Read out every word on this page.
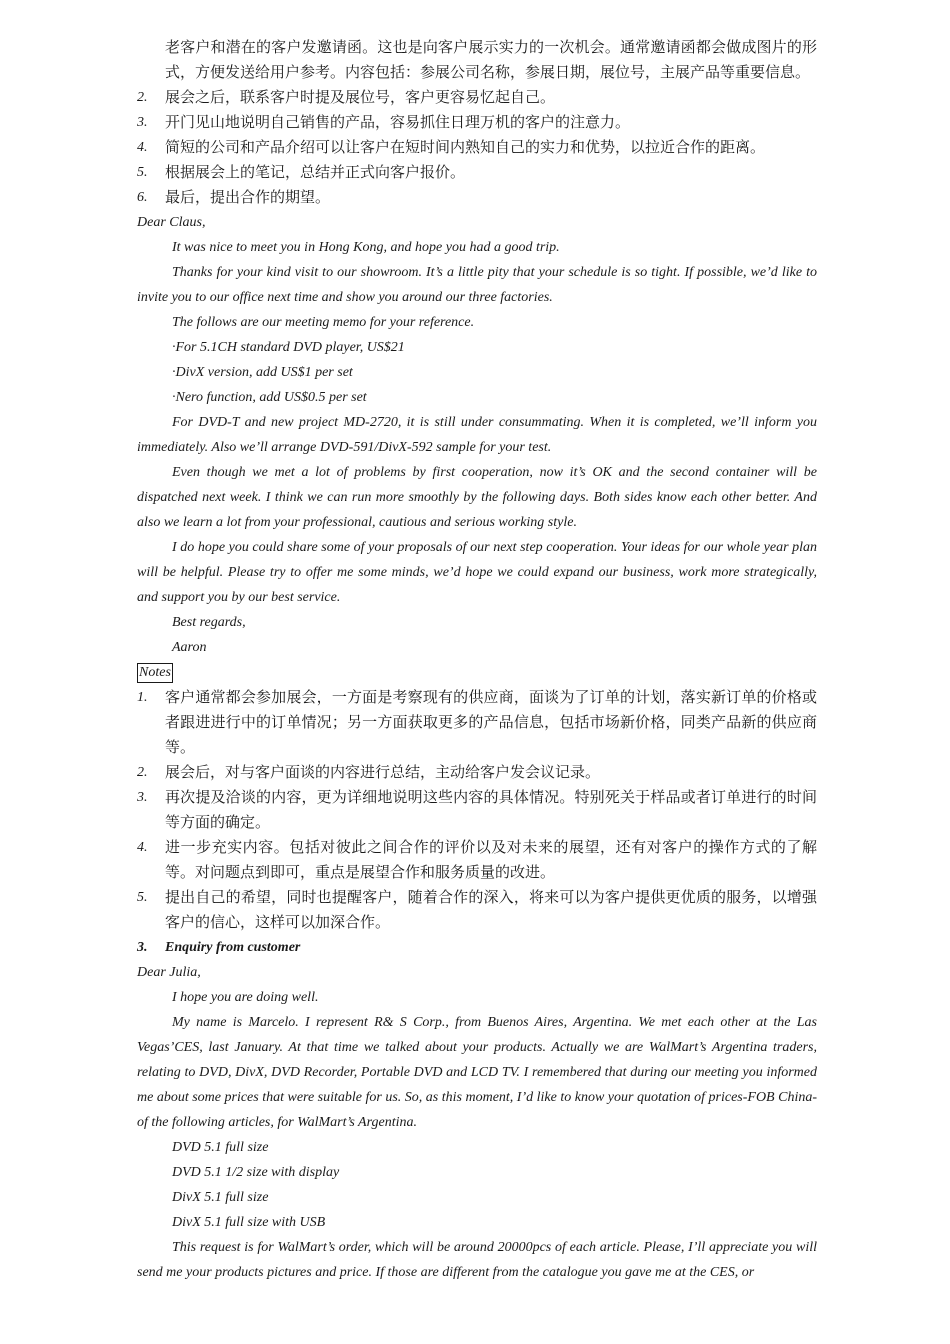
老客户和潜在的客户发邀请函。这也是向客户展示实力的一次机会。通常邀请函都会做成图片的形式，方便发送给用户参考。内容包括：参展公司名称，参展日期，展位号，主展产品等重要信息。

2.	展会之后，联系客户时提及展位号，客户更容易忆起自己。

3.	开门见山地说明自己销售的产品，容易抓住日理万机的客户的注意力。

4.	简短的公司和产品介绍可以让客户在短时间内熟知自己的实力和优势，以拉近合作的距离。

5.	根据展会上的笔记，总结并正式向客户报价。

6.	最后，提出合作的期望。

Dear Claus,

It was nice to meet you in Hong Kong, and hope you had a good trip.

Thanks for your kind visit to our showroom. It’s a little pity that your schedule is so tight. If possible, we’d like to invite you to our office next time and show you around our three factories.

The follows are our meeting memo for your reference.

·For 5.1CH standard DVD player, US$21

·DivX version, add US$1 per set

·Nero function, add US$0.5 per set

For DVD-T and new project MD-2720, it is still under consummating. When it is completed, we’ll inform you immediately. Also we’ll arrange DVD-591/DivX-592 sample for your test.

Even though we met a lot of problems by first cooperation, now it’s OK and the second container will be dispatched next week. I think we can run more smoothly by the following days. Both sides know each other better. And also we learn a lot from your professional, cautious and serious working style.

I do hope you could share some of your proposals of our next step cooperation. Your ideas for our whole year plan will be helpful. Please try to offer me some minds, we’d hope we could expand our business, work more strategically, and support you by our best service.

Best regards,

Aaron

Notes

1.	客户通常都会参加展会，一方面是考察现有的供应商，面谈为了订单的计划，落实新订单的价格或者跟进进行中的订单情况；另一方面获取更多的产品信息，包括市场新价格，同类产品新的供应商等。

2.	展会后，对与客户面谈的内容进行总结，主动给客户发会议记录。

3.	再次提及洽谈的内容，更为详细地说明这些内容的具体情况。特别死关于样品或者订单进行的时间等方面的确定。

4.	进一步充实内容。包括对彼此之间合作的评价以及对未来的展望，还有对客户的操作方式的了解等。对问题点到即可，重点是展望合作和服务质量的改进。

5.	提出自己的希望，同时也提醒客户，随着合作的深入，将来可以为客户提供更优质的服务，以增强客户的信心，这样可以加深合作。

3.	Enquiry from customer

Dear Julia,

I hope you are doing well.

My name is Marcelo. I represent R& S Corp., from Buenos Aires, Argentina. We met each other at the Las Vegas’CES, last January. At that time we talked about your products. Actually we are WalMart’s Argentina traders, relating to DVD, DivX, DVD Recorder, Portable DVD and LCD TV. I remembered that during our meeting you informed me about some prices that were suitable for us. So, as this moment, I’d like to know your quotation of prices-FOB China-of the following articles, for WalMart’s Argentina.

DVD 5.1 full size

DVD 5.1 1/2 size with display

DivX 5.1 full size

DivX 5.1 full size with USB

This request is for WalMart’s order, which will be around 20000pcs of each article. Please, I’ll appreciate you will send me your products pictures and price. If those are different from the catalogue you gave me at the CES, or
